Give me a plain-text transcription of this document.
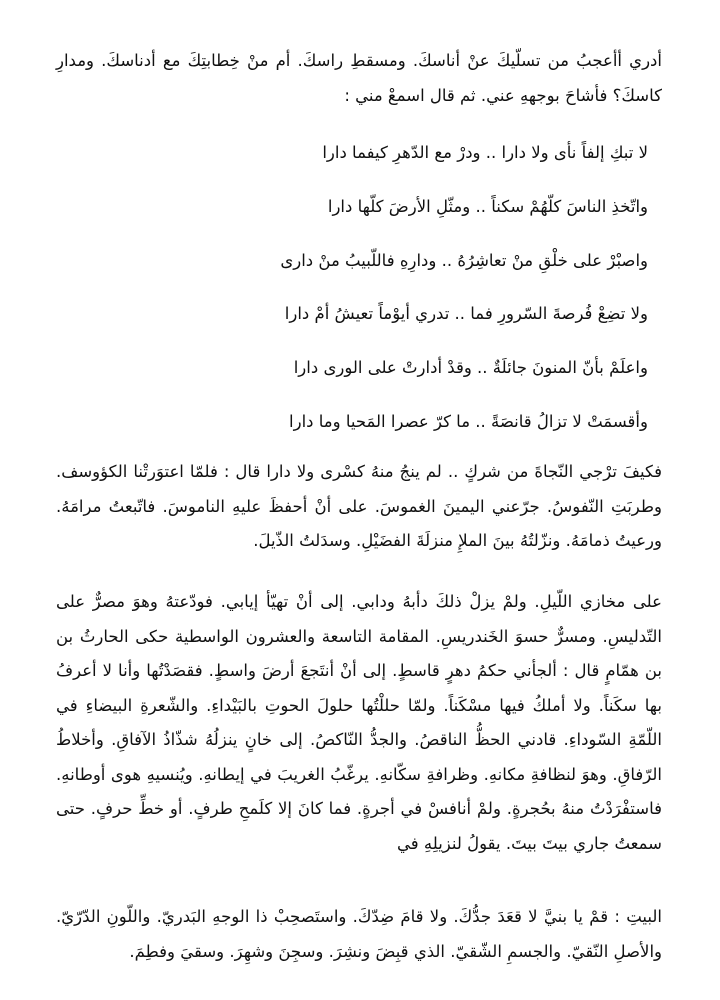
أدري أأعجبُ من تسلّيكَ عنْ أناسكَ. ومسقطِ راسكَ. أم منْ خِطابتِكَ مع أدناسكَ. ومدارِ كاسكَ؟ فأشاحَ بوجههِ عني. ثم قال اسمعْ مني :

لا تبكِ إلفاً نأى ولا دارا .. ودرْ مع الدّهرِ كيفما دارا
واتّخذِ الناسَ كلّهُمْ سكناً .. ومثّلِ الأرضَ كلّها دارا
واصبْرْ على خلْقِ منْ تعاشِرُهُ .. ودارِهِ فاللّبيبُ منْ دارى
ولا تضِعْ فُرصةَ السّرورِ فما .. تدري أيوْماً تعيشُ أمْ دارا
واعلَمْ بأنّ المنونَ جائلَةٌ .. وقدْ أدارتْ على الورى دارا
وأقسمَتْ لا تزالُ قانصَةً .. ما كرّ عصرا المَحيا وما دارا

فكيفَ ترْجي النّجاةَ من شركٍ .. لم ينجُ منهُ كسْرى ولا دارا قال : فلمّا اعتوَرتْنا الكؤوسف. وطربَتِ النّفوسُ. جرّعني اليمينَ الغموسَ. على أنْ أحفظَ عليهِ الناموسَ. فاتّبعتُ مرامَهُ. ورعيتُ ذمامَهُ. ونزّلتُهُ بينَ الملإِ منزلَةَ الفضَيْلِ. وسدَلتُ الذّيلَ.

على مخازي اللّيلِ. ولمْ يزلْ ذلكَ دأبهُ ودابي. إلى أنْ تهيّأ إيابي. فودّعتهُ وهوَ مصرٌّ على التّدليسِ. ومسرٌّ حسوَ الخَندريسِ. المقامة التاسعة والعشرون الواسطية حكى الحارثُ بن بن همّامٍ قال : ألجأني حكمُ دهرٍ قاسطٍ. إلى أنْ أنتَجعَ أرضَ واسطٍ. فقصَدْتُها وأنا لا أعرفُ بها سكَناً. ولا أملكُ فيها مسْكَناً. ولمّا حللْتُها حلولَ الحوتِ بالبَيْداءِ. والشّعرةِ البيضاءِ في اللّمّةِ السّوداءِ. قادني الحظُّ الناقصُ. والجدُّ النّاكصُ. إلى خانٍ ينزلُهُ شذّاذُ الآفاقِ. وأخلاطُ الرّفاقِ. وهوَ لنظافةِ مكانهِ. وظرافةِ سكّانهِ. يرغّبُ الغريبَ في إيطانهِ. ويُنسيهِ هوى أوطانهِ. فاستفْرَدْتُ منهُ بحُجرةٍ. ولمْ أنافسْ في أجرةٍ. فما كانَ إلا كلَمحِ طرفٍ. أو خطِّ حرفٍ. حتى سمعتُ جاري بيتَ بيتَ. يقولُ لنزيلِهِ في

البيتِ : قمْ يا بنيَّ لا قعَدَ جدُّكَ. ولا قامَ ضِدّكَ. واستَصحِبْ ذا الوجهِ البَدريّ. واللّونِ الدّرّيّ. والأصلِ النّقيّ. والجسمِ الشّقيّ. الذي قبِضَ ونشِرَ. وسجِنَ وشهِرَ. وسقيَ وفطِمَ.
